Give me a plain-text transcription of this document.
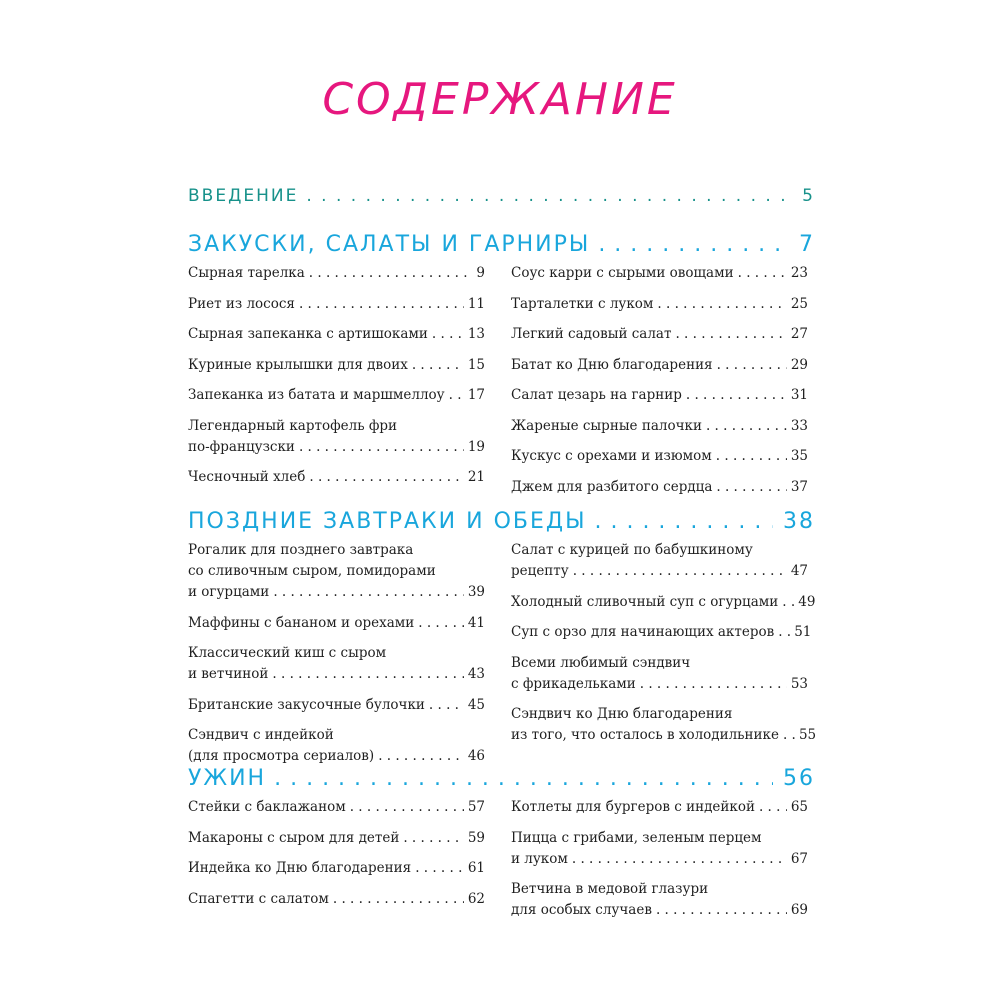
СОДЕРЖАНИЕ
ВВЕДЕНИЕ . . .	5
ЗАКУСКИ, САЛАТЫ И ГАРНИРЫ . . .	7
Сырная тарелка . . .	9
Риет из лосося . . .	11
Сырная запеканка с артишоками . . .	13
Куриные крылышки для двоих . . .	15
Запеканка из батата и маршмеллоу . . . 17
Легендарный картофель фри
по-французски . . .	19
Чесночный хлеб . . .	21
Соус карри с сырыми овощами . . .	23
Тарталетки с луком . . .	25
Легкий садовый салат . . .	27
Батат ко Дню благодарения . . .	29
Салат цезарь на гарнир . . .	31
Жареные сырные палочки . . .	33
Кускус с орехами и изюмом . . .	35
Джем для разбитого сердца . . .	37
ПОЗДНИЕ ЗАВТРАКИ И ОБЕДЫ . . .	38
Рогалик для позднего завтрака
со сливочным сыром, помидорами
и огурцами . . .	39
Маффины с бананом и орехами . . .	41
Классический киш с сыром
и ветчиной . . .	43
Британские закусочные булочки . . .	45
Сэндвич с индейкой
(для просмотра сериалов) . . .	46
Салат с курицей по бабушкиному
рецепту . . .	47
Холодный сливочный суп с огурцами . . . 49
Суп с орзо для начинающих актеров . . . 51
Всеми любимый сэндвич
с фрикадельками . . .	53
Сэндвич ко Дню благодарения
из того, что осталось в холодильнике . . . 55
УЖИН . . .	56
Стейки с баклажаном . . .	57
Макароны с сыром для детей . . .	59
Индейка ко Дню благодарения . . .	61
Спагетти с салатом . . .	62
Котлеты для бургеров с индейкой . . .	65
Пицца с грибами, зеленым перцем
и луком . . .	67
Ветчина в медовой глазури
для особых случаев . . .	69
